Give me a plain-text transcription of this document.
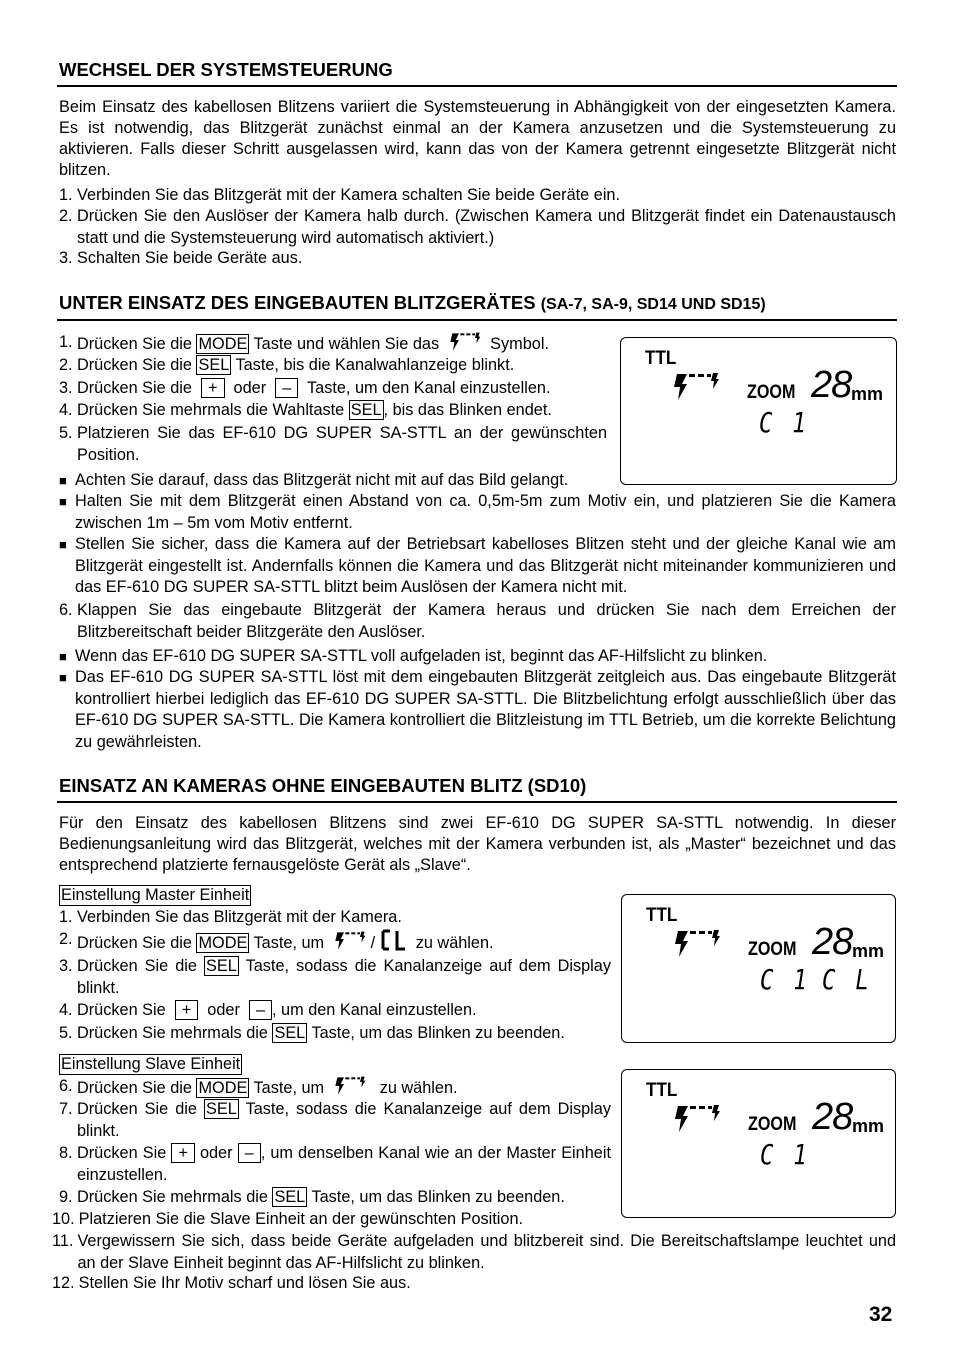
WECHSEL DER SYSTEMSTEUERUNG
Beim Einsatz des kabellosen Blitzens variiert die Systemsteuerung in Abhängigkeit von der eingesetzten Kamera. Es ist notwendig, das Blitzgerät zunächst einmal an der Kamera anzusetzen und die Systemsteuerung zu aktivieren. Falls dieser Schritt ausgelassen wird, kann das von der Kamera getrennt eingesetzte Blitzgerät nicht blitzen.
1. Verbinden Sie das Blitzgerät mit der Kamera schalten Sie beide Geräte ein.
2. Drücken Sie den Auslöser der Kamera halb durch. (Zwischen Kamera und Blitzgerät findet ein Datenaustausch statt und die Systemsteuerung wird automatisch aktiviert.)
3. Schalten Sie beide Geräte aus.
UNTER EINSATZ DES EINGEBAUTEN BLITZGERÄTES (SA-7, SA-9, SD14 UND SD15)
1. Drücken Sie die MODE Taste und wählen Sie das	Symbol.
2. Drücken Sie die SEL Taste, bis die Kanalwahlanzeige blinkt.
3. Drücken Sie die  +  oder  –  Taste, um den Kanal einzustellen.
4. Drücken Sie mehrmals die Wahltaste SEL , bis das Blinken endet.
5. Platzieren Sie das EF-610 DG SUPER SA-STTL an der gewünschten Position.
■ Achten Sie darauf, dass das Blitzgerät nicht mit auf das Bild gelangt.
■ Halten Sie mit dem Blitzgerät einen Abstand von ca. 0,5m-5m zum Motiv ein, und platzieren Sie die Kamera zwischen 1m – 5m vom Motiv entfernt.
■ Stellen Sie sicher, dass die Kamera auf der Betriebsart kabelloses Blitzen steht und der gleiche Kanal wie am Blitzgerät eingestellt ist. Andernfalls können die Kamera und das Blitzgerät nicht miteinander kommunizieren und das EF-610 DG SUPER SA-STTL blitzt beim Auslösen der Kamera nicht mit.
6. Klappen Sie das eingebaute Blitzgerät der Kamera heraus und drücken Sie nach dem Erreichen der Blitzbereitschaft beider Blitzgeräte den Auslöser.
■ Wenn das EF-610 DG SUPER SA-STTL voll aufgeladen ist, beginnt das AF-Hilfslicht zu blinken.
■ Das EF-610 DG SUPER SA-STTL löst mit dem eingebauten Blitzgerät zeitgleich aus. Das eingebaute Blitzgerät kontrolliert hierbei lediglich das EF-610 DG SUPER SA-STTL. Die Blitzbelichtung erfolgt ausschließlich über das EF-610 DG SUPER SA-STTL. Die Kamera kontrolliert die Blitzleistung im TTL Betrieb, um die korrekte Belichtung zu gewährleisten.
TTL
ZOOM 28 mm
C 1
EINSATZ AN KAMERAS OHNE EINGEBAUTEN BLITZ (SD10)
Für den Einsatz des kabellosen Blitzens sind zwei EF-610 DG SUPER SA-STTL notwendig. In dieser Bedienungsanleitung wird das Blitzgerät, welches mit der Kamera verbunden ist, als „Master“ bezeichnet und das entsprechend platzierte fernausgelöste Gerät als „Slave“.
Einstellung Master Einheit
1. Verbinden Sie das Blitzgerät mit der Kamera.
2. Drücken Sie die MODE Taste, um	/ zu wählen.
3. Drücken Sie die SEL Taste, sodass die Kanalanzeige auf dem Display blinkt.
4. Drücken Sie  +  oder  – , um den Kanal einzustellen.
5. Drücken Sie mehrmals die SEL Taste, um das Blinken zu beenden.
Einstellung Slave Einheit
6. Drücken Sie die MODE Taste, um	zu wählen.
7. Drücken Sie die SEL Taste, sodass die Kanalanzeige auf dem Display blinkt.
8. Drücken Sie + oder – , um denselben Kanal wie an der Master Einheit einzustellen.
9. Drücken Sie mehrmals die SEL Taste, um das Blinken zu beenden.
10. Platzieren Sie die Slave Einheit an der gewünschten Position.
11. Vergewissern Sie sich, dass beide Geräte aufgeladen und blitzbereit sind. Die Bereitschaftslampe leuchtet und an der Slave Einheit beginnt das AF-Hilfslicht zu blinken.
12. Stellen Sie Ihr Motiv scharf und lösen Sie aus.
TTL
ZOOM 28 mm
C 1 C L
TTL
ZOOM 28 mm
C 1
32
